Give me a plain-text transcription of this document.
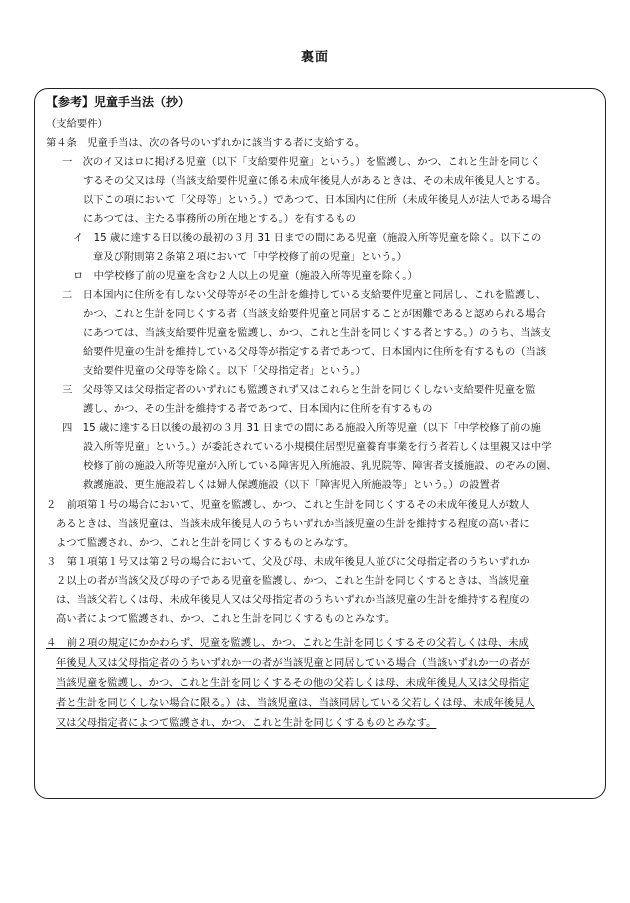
裏面
【参考】児童手当法（抄）
（支給要件）
第４条　児童手当は、次の各号のいずれかに該当する者に支給する。
一　次のイ又はロに掲げる児童（以下「支給要件児童」という。）を監護し、かつ、これと生計を同じく
するその父又は母（当該支給要件児童に係る未成年後見人があるときは、その未成年後見人とする。
以下この項において「父母等」という。）であつて、日本国内に住所（未成年後見人が法人である場合
にあつては、主たる事務所の所在地とする。）を有するもの
イ　15 歳に達する日以後の最初の３月 31 日までの間にある児童（施設入所等児童を除く。以下この
章及び附則第２条第２項において「中学校修了前の児童」という。）
ロ　中学校修了前の児童を含む２人以上の児童（施設入所等児童を除く。）
二　日本国内に住所を有しない父母等がその生計を維持している支給要件児童と同居し、これを監護し、
かつ、これと生計を同じくする者（当該支給要件児童と同居することが困難であると認められる場合
にあつては、当該支給要件児童を監護し、かつ、これと生計を同じくする者とする。）のうち、当該支
給要件児童の生計を維持している父母等が指定する者であつて、日本国内に住所を有するもの（当該
支給要件児童の父母等を除く。以下「父母指定者」という。）
三　父母等又は父母指定者のいずれにも監護されず又はこれらと生計を同じくしない支給要件児童を監
護し、かつ、その生計を維持する者であつて、日本国内に住所を有するもの
四　15 歳に達する日以後の最初の３月 31 日までの間にある施設入所等児童（以下「中学校修了前の施
設入所等児童」という。）が委託されている小規模住居型児童養育事業を行う者若しくは里親又は中学
校修了前の施設入所等児童が入所している障害児入所施設、乳児院等、障害者支援施設、のぞみの園、
救護施設、更生施設若しくは婦人保護施設（以下「障害児入所施設等」という。）の設置者
２　前項第１号の場合において、児童を監護し、かつ、これと生計を同じくするその未成年後見人が数人
あるときは、当該児童は、当該未成年後見人のうちいずれか当該児童の生計を維持する程度の高い者に
よつて監護され、かつ、これと生計を同じくするものとみなす。
３　第１項第１号又は第２号の場合において、父及び母、未成年後見人並びに父母指定者のうちいずれか
２以上の者が当該父及び母の子である児童を監護し、かつ、これと生計を同じくするときは、当該児童
は、当該父若しくは母、未成年後見人又は父母指定者のうちいずれか当該児童の生計を維持する程度の
高い者によつて監護され、かつ、これと生計を同じくするものとみなす。
４　前２項の規定にかかわらず、児童を監護し、かつ、これと生計を同じくするその父若しくは母、未成
年後見人又は父母指定者のうちいずれか一の者が当該児童と同居している場合（当該いずれか一の者が
当該児童を監護し、かつ、これと生計を同じくするその他の父若しくは母、未成年後見人又は父母指定
者と生計を同じくしない場合に限る。）は、当該児童は、当該同居している父若しくは母、未成年後見人
又は父母指定者によつて監護され、かつ、これと生計を同じくするものとみなす。
